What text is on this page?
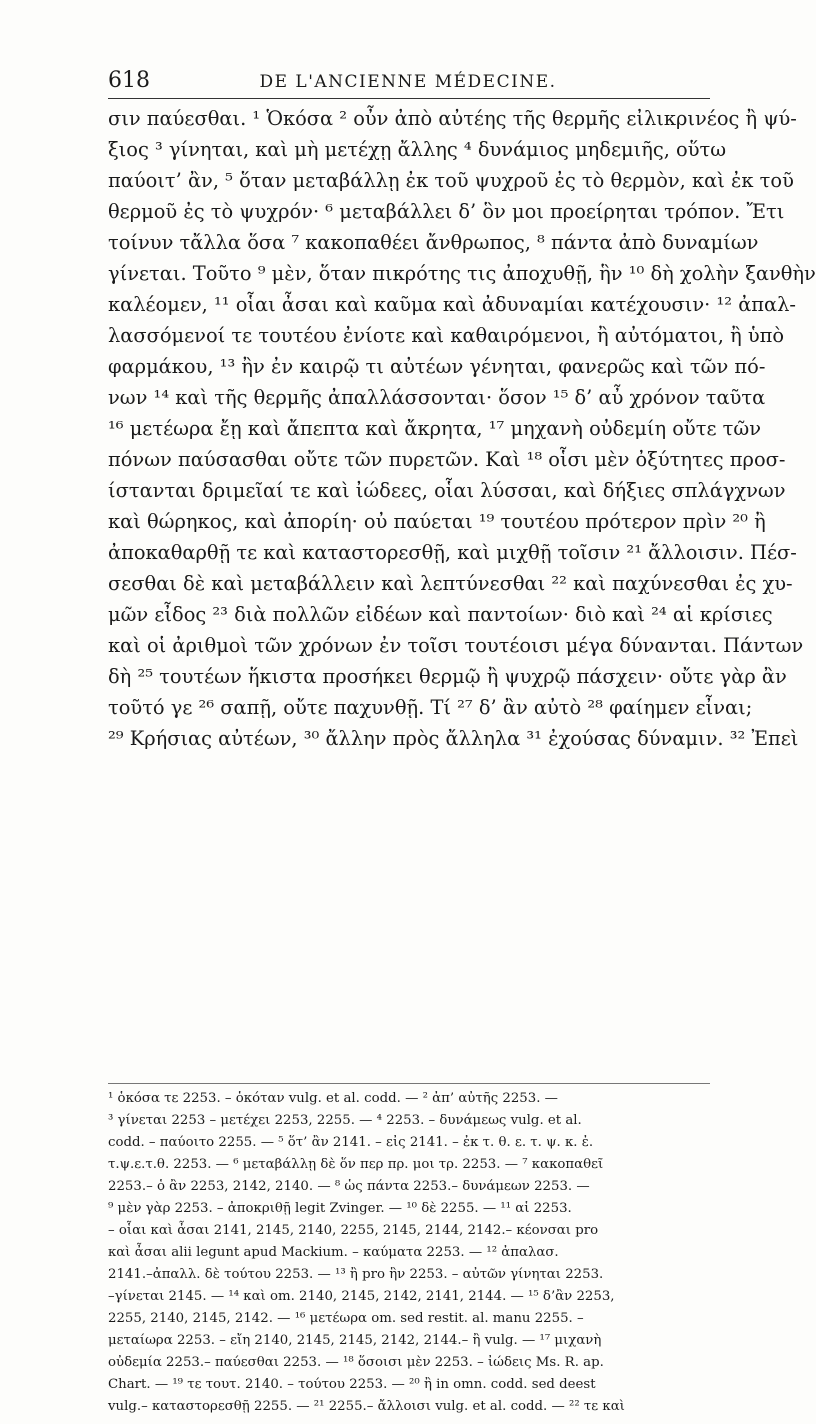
618	DE L'ANCIENNE MÉDECINE.
σιν παύεσθαι. ¹ Ὁκόσα ² οὖν ἀπὸ αὐτέης τῆς θερμῆς εἰλικρινέος ἢ ψύ-
ξιος ³ γίνηται, καὶ μὴ μετέχῃ ἄλλης ⁴ δυνάμιος μηδεμιῆς, οὕτω
παύοιτ’ ἂν, ⁵ ὅταν μεταβάλλῃ ἐκ τοῦ ψυχροῦ ἐς τὸ θερμὸν, καὶ ἐκ τοῦ
θερμοῦ ἐς τὸ ψυχρόν· ⁶ μεταβάλλει δ’ ὃν μοι προείρηται τρόπον. Ἔτι
τοίνυν τἄλλα ὅσα ⁷ κακοπαθέει ἄνθρωπος, ⁸ πάντα ἀπὸ δυναμίων
γίνεται. Τοῦτο ⁹ μὲν, ὅταν πικρότης τις ἀποχυθῇ, ἣν ¹⁰ δὴ χολὴν ξανθὴν
καλέομεν, ¹¹ οἷαι ἆσαι καὶ καῦμα καὶ ἀδυναμίαι κατέχουσιν· ¹² ἀπαλ-
λασσόμενοί τε τουτέου ἐνίοτε καὶ καθαιρόμενοι, ἢ αὐτόματοι, ἢ ὑπὸ
φαρμάκου, ¹³ ἢν ἐν καιρῷ τι αὐτέων γένηται, φανερῶς καὶ τῶν πό-
νων ¹⁴ καὶ τῆς θερμῆς ἀπαλλάσσονται· ὅσον ¹⁵ δ’ αὖ χρόνον ταῦτα
¹⁶ μετέωρα ἔῃ καὶ ἄπεπτα καὶ ἄκρητα, ¹⁷ μηχανὴ οὐδεμίη οὔτε τῶν
πόνων παύσασθαι οὔτε τῶν πυρετῶν. Καὶ ¹⁸ οἷσι μὲν ὀξύτητες προσ-
ίστανται δριμεῖαί τε καὶ ἰώδεες, οἷαι λύσσαι, καὶ δήξιες σπλάγχνων
καὶ θώρηκος, καὶ ἀπορίη· οὐ παύεται ¹⁹ τουτέου πρότερον πρὶν ²⁰ ἢ
ἀποκαθαρθῇ τε καὶ καταστορεσθῇ, καὶ μιχθῇ τοῖσιν ²¹ ἄλλοισιν. Πέσ-
σεσθαι δὲ καὶ μεταβάλλειν καὶ λεπτύνεσθαι ²² καὶ παχύνεσθαι ἐς χυ-
μῶν εἶδος ²³ διὰ πολλῶν εἰδέων καὶ παντοίων· διὸ καὶ ²⁴ αἱ κρίσιες
καὶ οἱ ἀριθμοὶ τῶν χρόνων ἐν τοῖσι τουτέοισι μέγα δύνανται. Πάντων
δὴ ²⁵ τουτέων ἥκιστα προσήκει θερμῷ ἢ ψυχρῷ πάσχειν· οὔτε γὰρ ἂν
τοῦτό γε ²⁶ σαπῇ, οὔτε παχυνθῇ. Τί ²⁷ δ’ ἂν αὐτὸ ²⁸ φαίημεν εἶναι;
²⁹ Κρήσιας αὐτέων, ³⁰ ἄλλην πρὸς ἄλληλα ³¹ ἐχούσας δύναμιν. ³² Ἐπεὶ
¹ ὁκόσα τε 2253. – ὁκόταν vulg. et al. codd. — ² ἀπ’ αὐτῆς 2253. —
³ γίνεται 2253 – μετέχει 2253, 2255. — ⁴ 2253. – δυνάμεως vulg. et al.
codd. – παύοιτο 2255. — ⁵ ὅτ’ ἂν 2141. – εἰς 2141. – ἐκ τ. θ. ε. τ. ψ. κ. ἐ.
τ.ψ.ε.τ.θ. 2253. — ⁶ μεταβάλλῃ δὲ ὅν περ πρ. μοι τρ. 2253. — ⁷ κακοπαθεῖ
2253.– ὁ ἂν 2253, 2142, 2140. — ⁸ ὡς πάντα 2253.– δυνάμεων 2253. —
⁹ μὲν γὰρ 2253. – ἀποκριθῇ legit Zvinger. — ¹⁰ δὲ 2255. — ¹¹ αἱ 2253.
– οἷαι καὶ ἆσαι 2141, 2145, 2140, 2255, 2145, 2144, 2142.– κέονσαι pro
καὶ ἆσαι alii legunt apud Mackium. – καύματα 2253. — ¹² ἀπαλασ.
2141.–ἀπαλλ. δὲ τούτου 2253. — ¹³ ἢ pro ἣν 2253. – αὐτῶν γίνηται 2253.
–γίνεται 2145. — ¹⁴ καὶ om. 2140, 2145, 2142, 2141, 2144. — ¹⁵ δ’ἂν 2253,
2255, 2140, 2145, 2142. — ¹⁶ μετέωρα om. sed restit. al. manu 2255. –
μεταίωρα 2253. – εἴη 2140, 2145, 2145, 2142, 2144.– ἢ vulg. — ¹⁷ μιχανὴ
οὐδεμία 2253.– παύεσθαι 2253. — ¹⁸ ὅσοισι μὲν 2253. – ἰώδεις Ms. R. ap.
Chart. — ¹⁹ τε τουτ. 2140. – τούτου 2253. — ²⁰ ἢ in omn. codd. sed deest
vulg.– καταστορεσθῇ 2255. — ²¹ 2255.– ἄλλοισι vulg. et al. codd. — ²² τε καὶ
